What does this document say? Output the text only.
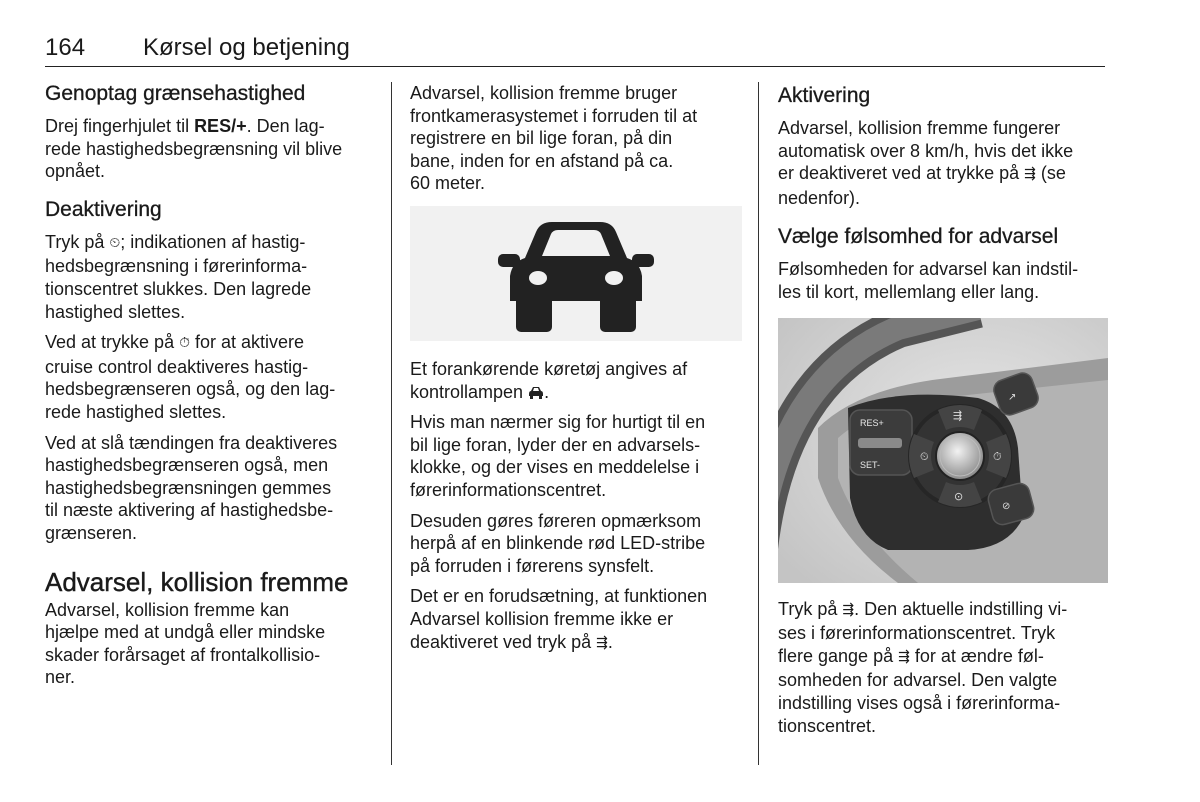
164 Kørsel og betjening
Genoptag grænsehastighed

Drej fingerhjulet til RES/+. Den lag-
rede hastighedsbegrænsning vil blive
opnået.

Deaktivering

Tryk på ⏲; indikationen af hastig-
hedsbegrænsning i førerinforma-
tionscentret slukkes. Den lagrede
hastighed slettes.

Ved at trykke på ⏱ for at aktivere
cruise control deaktiveres hastig-
hedsbegrænseren også, og den lag-
rede hastighed slettes.

Ved at slå tændingen fra deaktiveres
hastighedsbegrænseren også, men
hastighedsbegrænsningen gemmes
til næste aktivering af hastighedsbe-
grænseren.

Advarsel, kollision fremme

Advarsel, kollision fremme kan
hjælpe med at undgå eller mindske
skader forårsaget af frontalkollisio-
ner.

Advarsel, kollision fremme bruger
frontkamerasystemet i forruden til at
registrere en bil lige foran, på din
bane, inden for en afstand på ca.
60 meter.

Et forankørende køretøj angives af
kontrollampen .

Hvis man nærmer sig for hurtigt til en
bil lige foran, lyder der en advarsels-
klokke, og der vises en meddelelse i
førerinformationscentret.

Desuden gøres føreren opmærksom
herpå af en blinkende rød LED-stribe
på forruden i førerens synsfelt.

Det er en forudsætning, at funktionen
Advarsel kollision fremme ikke er
deaktiveret ved tryk på ⇶.

Aktivering

Advarsel, kollision fremme fungerer
automatisk over 8 km/h, hvis det ikke
er deaktiveret ved at trykke på ⇶ (se
nedenfor).

Vælge følsomhed for advarsel

Følsomheden for advarsel kan indstil-
les til kort, mellemlang eller lang.

RES+
SET-
⇶
⏲	⏱
⊙
↗
⊘

Tryk på ⇶. Den aktuelle indstilling vi-
ses i førerinformationscentret. Tryk
flere gange på ⇶ for at ændre føl-
somheden for advarsel. Den valgte
indstilling vises også i førerinforma-
tionscentret.
